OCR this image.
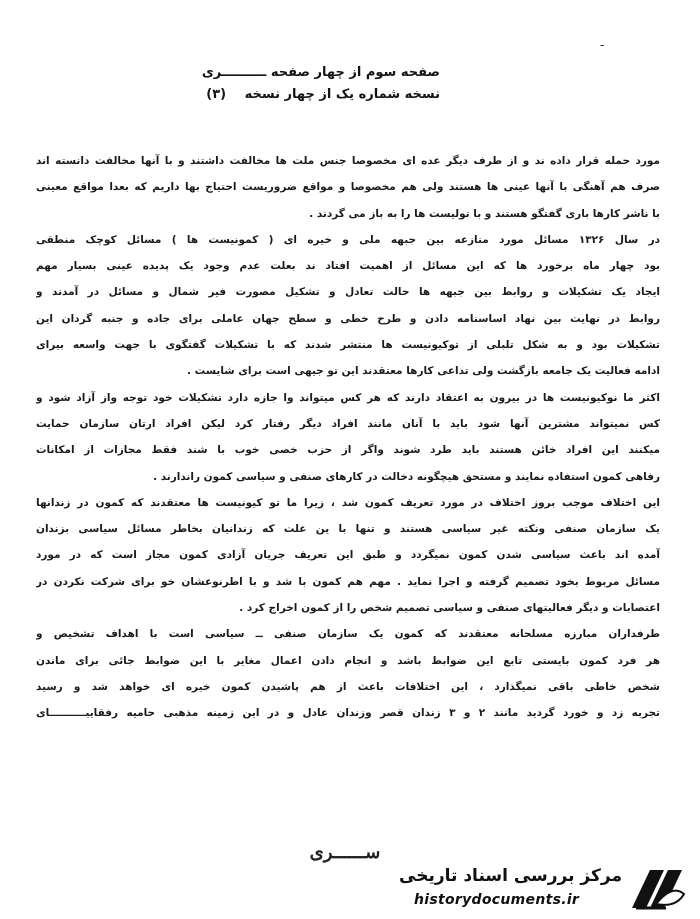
-
صفحه سوم از چهار صفحه ــــــــــری
نسخه شماره یک از چهار نسخه (۳)
مورد حمله قرار داده ند و از طرف دیگر عده ای مخصوصا جنس ملت ها مخالفت داشتند و با آنها مخالفت دانسته اند
صرف هم آهنگی با آنها عینی ها هستند ولی هم مخصوصا و مواقع ضروریست احتیاج بها داریم که بعدا مواقع معینی
با ناشر کارها باری گفتگو هستند و با تولیست ها را به باز می گردند .
در سال ۱۳۲۶ مسائل مورد منازعه بین جبهه ملی و خیره ای ( کمونیست ها ) مسائل کوچک منطقی
بود چهار ماه برخورد ها که این مسائل از اهمیت افتاد ند بعلت عدم وجود یک پدیده عینی بسیار مهم
ایجاد یک تشکیلات و روابط بین جبهه ها حالت تعادل و تشکیل مصورت فیر شمال و مسائل در آمدند و
روابط در نهایت بین نهاد اساسنامه دادن و طرح خطی و سطح جهان عاملی برای جاده و جنبه گردان این
تشکیلات بود و به شکل تلبلی از توکیونیست ها منتشر شدند که با تشکیلات گفتگوی با جهت واسعه بیرای
ادامه فعالیت یک جامعه بازگشت ولی تداعی کارها معتقدند این تو جیهی است برای شایست .
اکثر ما نوکیونیست ها در بیرون به اعتقاد دارند که هر کس میتواند وا جازه دارد تشکیلات خود توجه واز آزاد شود و
کس نمیتواند مشترین آنها شود باید با آنان مانند افراد دیگر رفتار کرد لیکن افراد ارتان سازمان حمایت
میکنند این افراد خائن هستند باید طرد شوند واگر از حزب خصی خوب با شند فقط مجازات از امکانات
رفاهی کمون استفاده نمایند و مستحق هیچگونه دخالت در کارهای صنفی و سیاسی کمون راندارند .
این اختلاف موجب بروز اختلاف در مورد تعریف کمون شد ، زیرا ما تو کیونیست ها معتقدند که کمون در زندانها
یک سازمان صنفی ونکته غیر سیاسی هستند و تنها با ین علت که زندانیان بخاطر مسائل سیاسی بزندان
آمده اند باعث سیاسی شدن کمون نمیگردد و طبق این تعریف جریان آزادی کمون مجاز است که در مورد
مسائل مربوط بخود تصمیم گرفته و اجرا نماید . مهم هم کمون با شد و با اطرنوعشان خو برای شرکت نکردن در
اعتصابات و دیگر فعالیتهای صنفی و سیاسی تصمیم شخص را از کمون اخراج کرد .
طرفداران مبارزه مسلحانه معتقدند که کمون یک سازمان صنفی ــ سیاسی است با اهداف تشخیص و
هر فرد کمون بایستی تابع این ضوابط باشد و انجام دادن اعمال مغایر با این ضوابط جائی برای ماندن
شخص خاطی باقی نمیگذارد ، این اختلافات باعث از هم پاشیدن کمون خیره ای خواهد شد و رسید
تجربه زد و خورد گردید مانند ۲ و ۳ زندان قصر وزندان عادل و در این زمینه مذهبی حامیه رفقاییــــــــــای
ســــــری
مرکز بررسی اسناد تاریخی
historydocuments.ir
